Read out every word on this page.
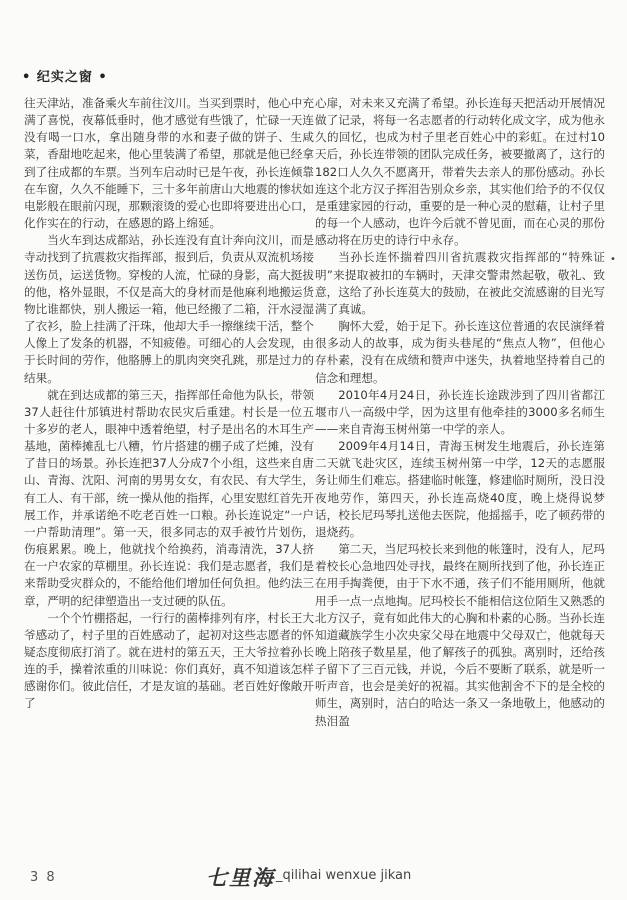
• 纪实之窗 •

往天津站，准备乘火车前往汶川。当买到票时，他心中充满了喜悦，夜幕低垂时，他才感觉有些饿了，忙碌一天连没有喝一口水，拿出随身带的水和妻子做的饼子、生咸菜，香甜地吃起来，他心里装满了希望，那就是他已经拿到了往成都的车票。当列车启动时已是午夜，孙长连倾靠在车窗，久久不能睡下，三十多年前唐山大地震的惨状如电影般在眼前闪现，那颗滚烫的爱心也即将要进出心口，化作实在的行动，在感恩的路上绵延。

当火车到达成都站，孙长连没有直计奔向汶川，而是寺动找到了抗震救灾指挥部，报到后，负责从双流机场接送伤员，运送货物。穿梭的人流，忙碌的身影，高大挺拔的他，格外显眼，不仅是高大的身材而是他麻利地搬运货物比谁都快，别人搬运一箱，他已经搬了二箱，汗水浸湿了衣衫，脸上挂满了汗珠，他却大手一擦继续干活，整个人像上了发条的机器，不知疲倦。可细心的人会发现，由于长时间的劳作，他胳膊上的肌肉突突孔跳，那是过力的结果。

就在到达成都的第三天，指挥部任命他为队长，带领37人赶往什邡镇进村帮助农民灾后重建。村长是一位五十多岁的老人，眼神中透着绝望，村子是出名的木耳生产基地，菌棒摊乱七八糟，竹片搭建的棚子成了烂摊，没有了昔日的场景。孙长连把37人分成7个小组，这些来自唐山、青海、沈阳、河南的男男女女，有农民、有大学生，有工人、有干部，统一操从他的指挥，心里安慰红首先开展工作，并承诺绝不吃老百姓一口粮。孙长连说定“一户一户帮助清理”。第一天，很多同志的双手被竹片划伤，伤痕累累。晚上，他就找个给换药，消毒清洗，37人挤在一户农家的草棚里。孙长连说：我们是志愿者，我们是来帮助受灾群众的，不能给他们增加任何负担。他约法三章，严明的纪律塑造出一支过硬的队伍。

一个个竹棚搭起，一行行的菌棒排列有序，村长王大爷感动了，村子里的百姓感动了，起初对这些志愿者的怀疑态度彻底打消了。就在进村的第五天，王大爷拉着孙长连的手，操着浓重的川味说：你们真好，真不知道该怎样感谢你们。彼此信任，才是友谊的基础。老百姓好像敞开了

心扉，对未来又充满了希望。孙长连每天把活动开展情况做了记录，将每一名志愿者的行动转化成文字，成为他永久的回忆，也成为村子里老百姓心中的彩虹。在过村10天后，孙长连带领的团队完成任务，被要撤离了，这行的182口人久久不愿离开，带着失去亲人的那份感动。孙长连这个北方汉子挥泪告别众乡亲，其实他们给予的不仅仅是重建家园的行动，重要的是一种心灵的慰藉，让村子里的每一个人感动，也许今后就不曾见面，而在心灵的那份感动将在历史的诗行中永存。

当孙长连怀揣着四川省抗震救灾指挥部的“特殊证明”来提取被扣的车辆时，天津交警肃然起敬，敬礼、致意，这给了孙长连莫大的鼓励，在被此交流感谢的目光写满了真诚。

胸怀大爱，始于足下。孙长连这位普通的农民演绎着很多动人的故事，成为街头巷尾的“焦点人物”，但他心存朴素，没有在成绩和赞声中迷失，执着地坚持着自己的信念和理想。

2010年4月24日，孙长连长途跋涉到了四川省都江堰市八一高级中学，因为这里有他牵挂的3000多名师生——来自青海玉树州第一中学的亲人。

2009年4月14日，青海玉树发生地震后，孙长连第二天就飞赴灾区，连续玉树州第一中学，12天的志愿服务让师生们难忘。搭建临时帐篷，修建临时厕所，没日没夜地劳作，第四天，孙长连高烧40度，晚上烧得说梦话，校长尼玛琴扎送他去医院，他摇摇手，吃了顿药带的退烧药。

第二天，当尼玛校长来到他的帐篷时，没有人，尼玛着校长心急地四处寻找，最终在厕所找到了他，孙长连正在用手掏粪便，由于下水不通，孩子们不能用厕所，他就用手一点一点地掏。尼玛校长不能相信这位陌生又熟悉的北方汉子，竟有如此伟大的心胸和朴素的心肠。当孙长连知道藏族学生小次央家父母在地震中父母双亡，他就每天晚上陪孩子数星星，他了解孩子的孤独。离别时，还给孩子留下了三百元钱，并说，今后不要断了联系，就是听一听声音，也会是美好的祝福。其实他割舍不下的是全校的师生，离别时，洁白的哈达一条又一条地敬上，他感动的热泪盈

•
3 8	七里海 _qilihai wenxue jikan
